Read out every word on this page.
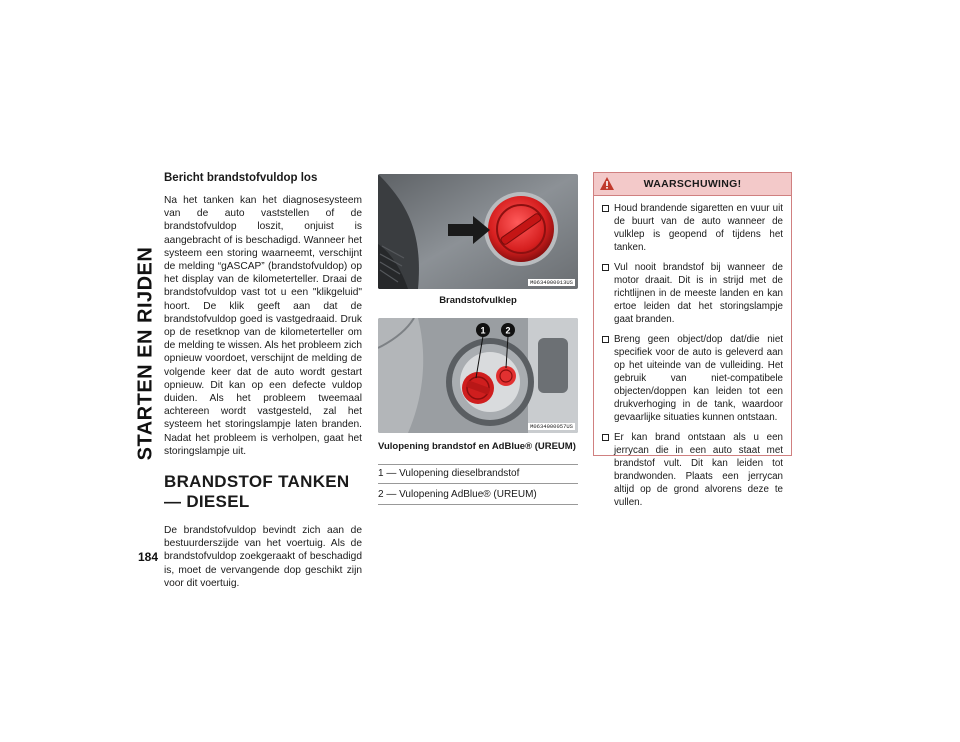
STARTEN EN RIJDEN
184

Bericht brandstofvuldop los

Na het tanken kan het diagnosesysteem van de auto vaststellen of de brandstofvuldop loszit, onjuist is aangebracht of is beschadigd. Wanneer het systeem een storing waarneemt, verschijnt de melding “gASCAP” (brandstofvuldop) op het display van de kilometerteller. Draai de brandstofvuldop vast tot u een "klikgeluid" hoort. De klik geeft aan dat de brandstofvuldop goed is vastgedraaid. Druk op de resetknop van de kilometerteller om de melding te wissen. Als het probleem zich opnieuw voordoet, verschijnt de melding de volgende keer dat de auto wordt gestart opnieuw. Dit kan op een defecte vuldop duiden. Als het probleem tweemaal achtereen wordt vastgesteld, zal het systeem het storingslampje laten branden. Nadat het probleem is verholpen, gaat het storingslampje uit.

BRANDSTOF TANKEN — DIESEL

De brandstofvuldop bevindt zich aan de bestuurderszijde van het voertuig. Als de brandstofvuldop zoekgeraakt of beschadigd is, moet de vervangende dop geschikt zijn voor dit voertuig.

M0634000013US
Brandstofvulklep
1 2
M0634000057US
Vulopening brandstof en AdBlue® (UREUM)
1 — Vulopening dieselbrandstof
2 — Vulopening AdBlue® (UREUM)
WAARSCHUWING!
Houd brandende sigaretten en vuur uit de buurt van de auto wanneer de vulklep is geopend of tijdens het tanken.
Vul nooit brandstof bij wanneer de motor draait. Dit is in strijd met de richtlijnen in de meeste landen en kan ertoe leiden dat het storingslampje gaat branden.
Breng geen object/dop dat/die niet specifiek voor de auto is geleverd aan op het uiteinde van de vulleiding. Het gebruik van niet-compatibele objecten/doppen kan leiden tot een drukverhoging in de tank, waardoor gevaarlijke situaties kunnen ontstaan.
Er kan brand ontstaan als u een jerrycan die in een auto staat met brandstof vult. Dit kan leiden tot brandwonden. Plaats een jerrycan altijd op de grond alvorens deze te vullen.
